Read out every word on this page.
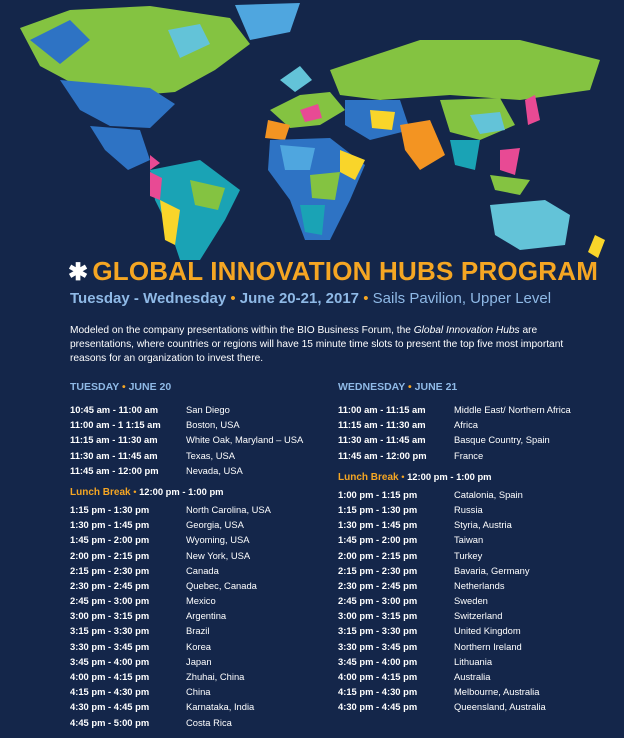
✱ GLOBAL INNOVATION HUBS PROGRAM
Tuesday - Wednesday • June 20-21, 2017 • Sails Pavilion, Upper Level
Modeled on the company presentations within the BIO Business Forum, the Global Innovation Hubs are presentations, where countries or regions will have 15 minute time slots to present the top five most important reasons for an organization to invest there.
TUESDAY • JUNE 20
10:45 am - 11:00 am	San Diego
11:00 am - 1 1:15 am	Boston, USA
11:15 am - 11:30 am	White Oak, Maryland – USA
11:30 am - 11:45 am	Texas, USA
11:45 am - 12:00 pm	Nevada, USA
Lunch Break • 12:00 pm - 1:00 pm
1:15 pm - 1:30 pm	North Carolina, USA
1:30 pm - 1:45 pm	Georgia, USA
1:45 pm - 2:00 pm	Wyoming, USA
2:00 pm - 2:15 pm	New York, USA
2:15 pm - 2:30 pm	Canada
2:30 pm - 2:45 pm	Quebec, Canada
2:45 pm - 3:00 pm	Mexico
3:00 pm - 3:15 pm	Argentina
3:15 pm - 3:30 pm	Brazil
3:30 pm - 3:45 pm	Korea
3:45 pm - 4:00 pm	Japan
4:00 pm - 4:15 pm	Zhuhai, China
4:15 pm - 4:30 pm	China
4:30 pm - 4:45 pm	Karnataka, India
4:45 pm - 5:00 pm	Costa Rica
WEDNESDAY • JUNE 21
11:00 am - 11:15 am	Middle East/ Northern Africa
11:15 am - 11:30 am	Africa
11:30 am - 11:45 am	Basque Country, Spain
11:45 am - 12:00 pm	France
Lunch Break • 12:00 pm - 1:00 pm
1:00 pm - 1:15 pm	Catalonia, Spain
1:15 pm - 1:30 pm	Russia
1:30 pm - 1:45 pm	Styria, Austria
1:45 pm - 2:00 pm	Taiwan
2:00 pm - 2:15 pm	Turkey
2:15 pm - 2:30 pm	Bavaria, Germany
2:30 pm - 2:45 pm	Netherlands
2:45 pm - 3:00 pm	Sweden
3:00 pm - 3:15 pm	Switzerland
3:15 pm - 3:30 pm	United Kingdom
3:30 pm - 3:45 pm	Northern Ireland
3:45 pm - 4:00 pm	Lithuania
4:00 pm - 4:15 pm	Australia
4:15 pm - 4:30 pm	Melbourne, Australia
4:30 pm - 4:45 pm	Queensland, Australia
